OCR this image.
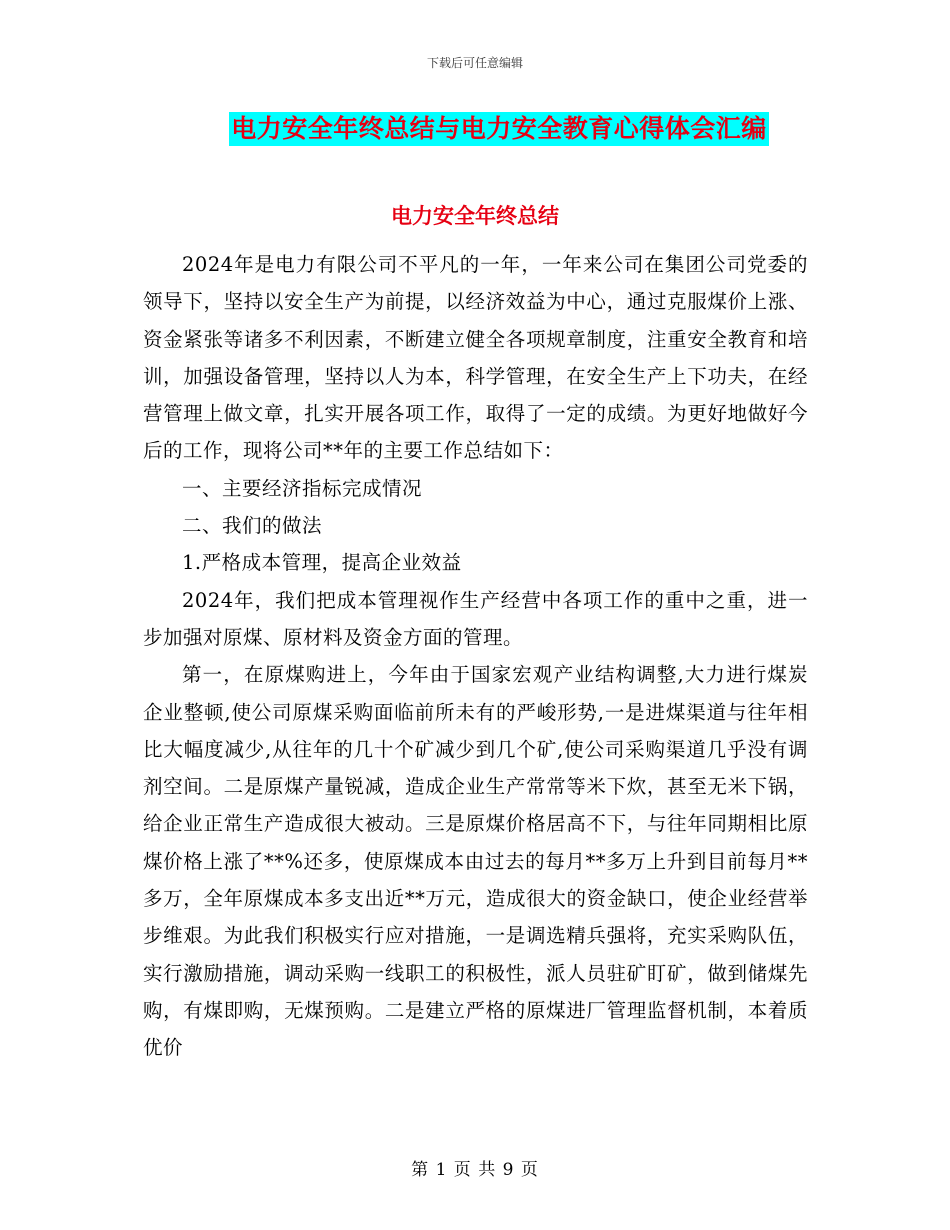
下载后可任意编辑
电力安全年终总结与电力安全教育心得体会汇编
电力安全年终总结

2024年是电力有限公司不平凡的一年，一年来公司在集团公司党委的领导下，坚持以安全生产为前提，以经济效益为中心，通过克服煤价上涨、资金紧张等诸多不利因素，不断建立健全各项规章制度，注重安全教育和培训，加强设备管理，坚持以人为本，科学管理，在安全生产上下功夫，在经营管理上做文章，扎实开展各项工作，取得了一定的成绩。为更好地做好今后的工作，现将公司**年的主要工作总结如下：

一、主要经济指标完成情况

二、我们的做法

1.严格成本管理，提高企业效益

2024年，我们把成本管理视作生产经营中各项工作的重中之重，进一步加强对原煤、原材料及资金方面的管理。

第一，在原煤购进上，今年由于国家宏观产业结构调整,大力进行煤炭企业整顿,使公司原煤采购面临前所未有的严峻形势,一是进煤渠道与往年相比大幅度减少,从往年的几十个矿减少到几个矿,使公司采购渠道几乎没有调剂空间。二是原煤产量锐减，造成企业生产常常等米下炊，甚至无米下锅，给企业正常生产造成很大被动。三是原煤价格居高不下，与往年同期相比原煤价格上涨了**%还多，使原煤成本由过去的每月**多万上升到目前每月**多万，全年原煤成本多支出近**万元，造成很大的资金缺口，使企业经营举步维艰。为此我们积极实行应对措施，一是调选精兵强将，充实采购队伍，实行激励措施，调动采购一线职工的积极性，派人员驻矿盯矿，做到储煤先购，有煤即购，无煤预购。二是建立严格的原煤进厂管理监督机制，本着质优价

第 1 页 共 9 页
